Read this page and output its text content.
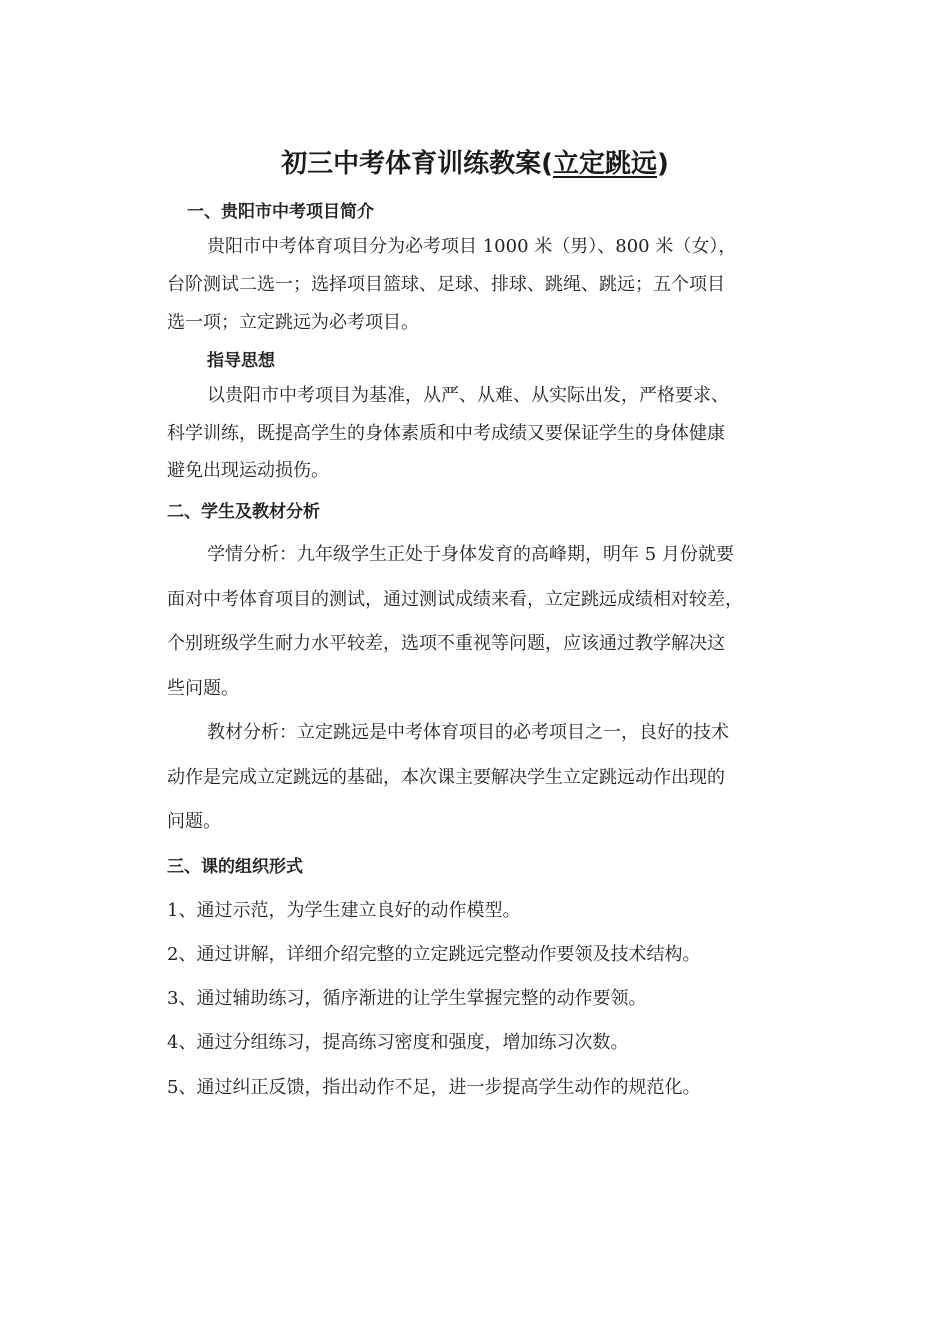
初三中考体育训练教案(立定跳远)

一、贵阳市中考项目简介

贵阳市中考体育项目分为必考项目 1000 米（男）、800 米（女），

台阶测试二选一；选择项目篮球、足球、排球、跳绳、跳远；五个项目

选一项；立定跳远为必考项目。

指导思想

以贵阳市中考项目为基准，从严、从难、从实际出发，严格要求、

科学训练，既提高学生的身体素质和中考成绩又要保证学生的身体健康

避免出现运动损伤。

二、学生及教材分析

学情分析：九年级学生正处于身体发育的高峰期，明年 5 月份就要

面对中考体育项目的测试，通过测试成绩来看，立定跳远成绩相对较差，

个别班级学生耐力水平较差，选项不重视等问题，应该通过教学解决这

些问题。

教材分析：立定跳远是中考体育项目的必考项目之一，良好的技术

动作是完成立定跳远的基础，本次课主要解决学生立定跳远动作出现的

问题。

三、课的组织形式

1、通过示范，为学生建立良好的动作模型。

2、通过讲解，详细介绍完整的立定跳远完整动作要领及技术结构。

3、通过辅助练习，循序渐进的让学生掌握完整的动作要领。

4、通过分组练习，提高练习密度和强度，增加练习次数。

5、通过纠正反馈，指出动作不足，进一步提高学生动作的规范化。
